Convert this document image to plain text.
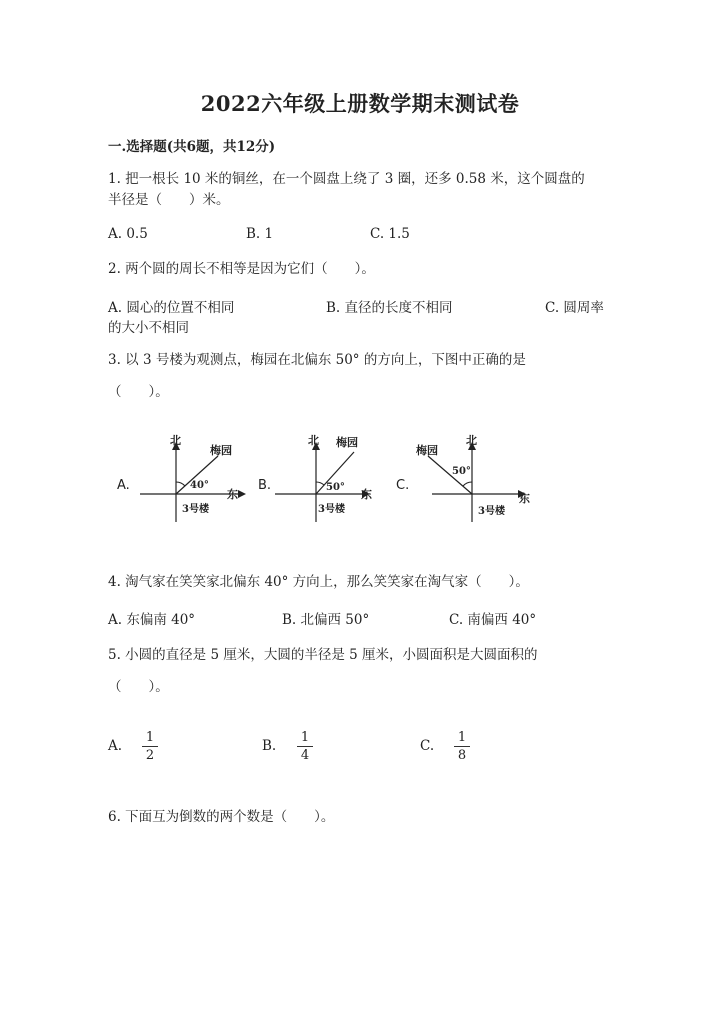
2022六年级上册数学期末测试卷
一.选择题(共6题，共12分)
1. 把一根长 10 米的铜丝，在一个圆盘上绕了 3 圈，还多 0.58 米，这个圆盘的
半径是（　　）米。
A. 0.5	B. 1	C. 1.5
2. 两个圆的周长不相等是因为它们（　　）。
A. 圆心的位置不相同	B. 直径的长度不相同	C. 圆周率
的大小不相同
3. 以 3 号楼为观测点，梅园在北偏东 50° 的方向上，下图中正确的是
（　　）。
A.
北
梅园
40°
东
3号楼
B.
北 梅园
50°
东
3号楼
C.
北
梅园
50°
东
3号楼
4. 淘气家在笑笑家北偏东 40° 方向上，那么笑笑家在淘气家（　　）。
A. 东偏南 40°	B. 北偏西 50°	C. 南偏西 40°
5. 小圆的直径是 5 厘米，大圆的半径是 5 厘米，小圆面积是大圆面积的
（　　）。
A.
1
2
B.
1
4
C.
1
8
6. 下面互为倒数的两个数是（　　）。
